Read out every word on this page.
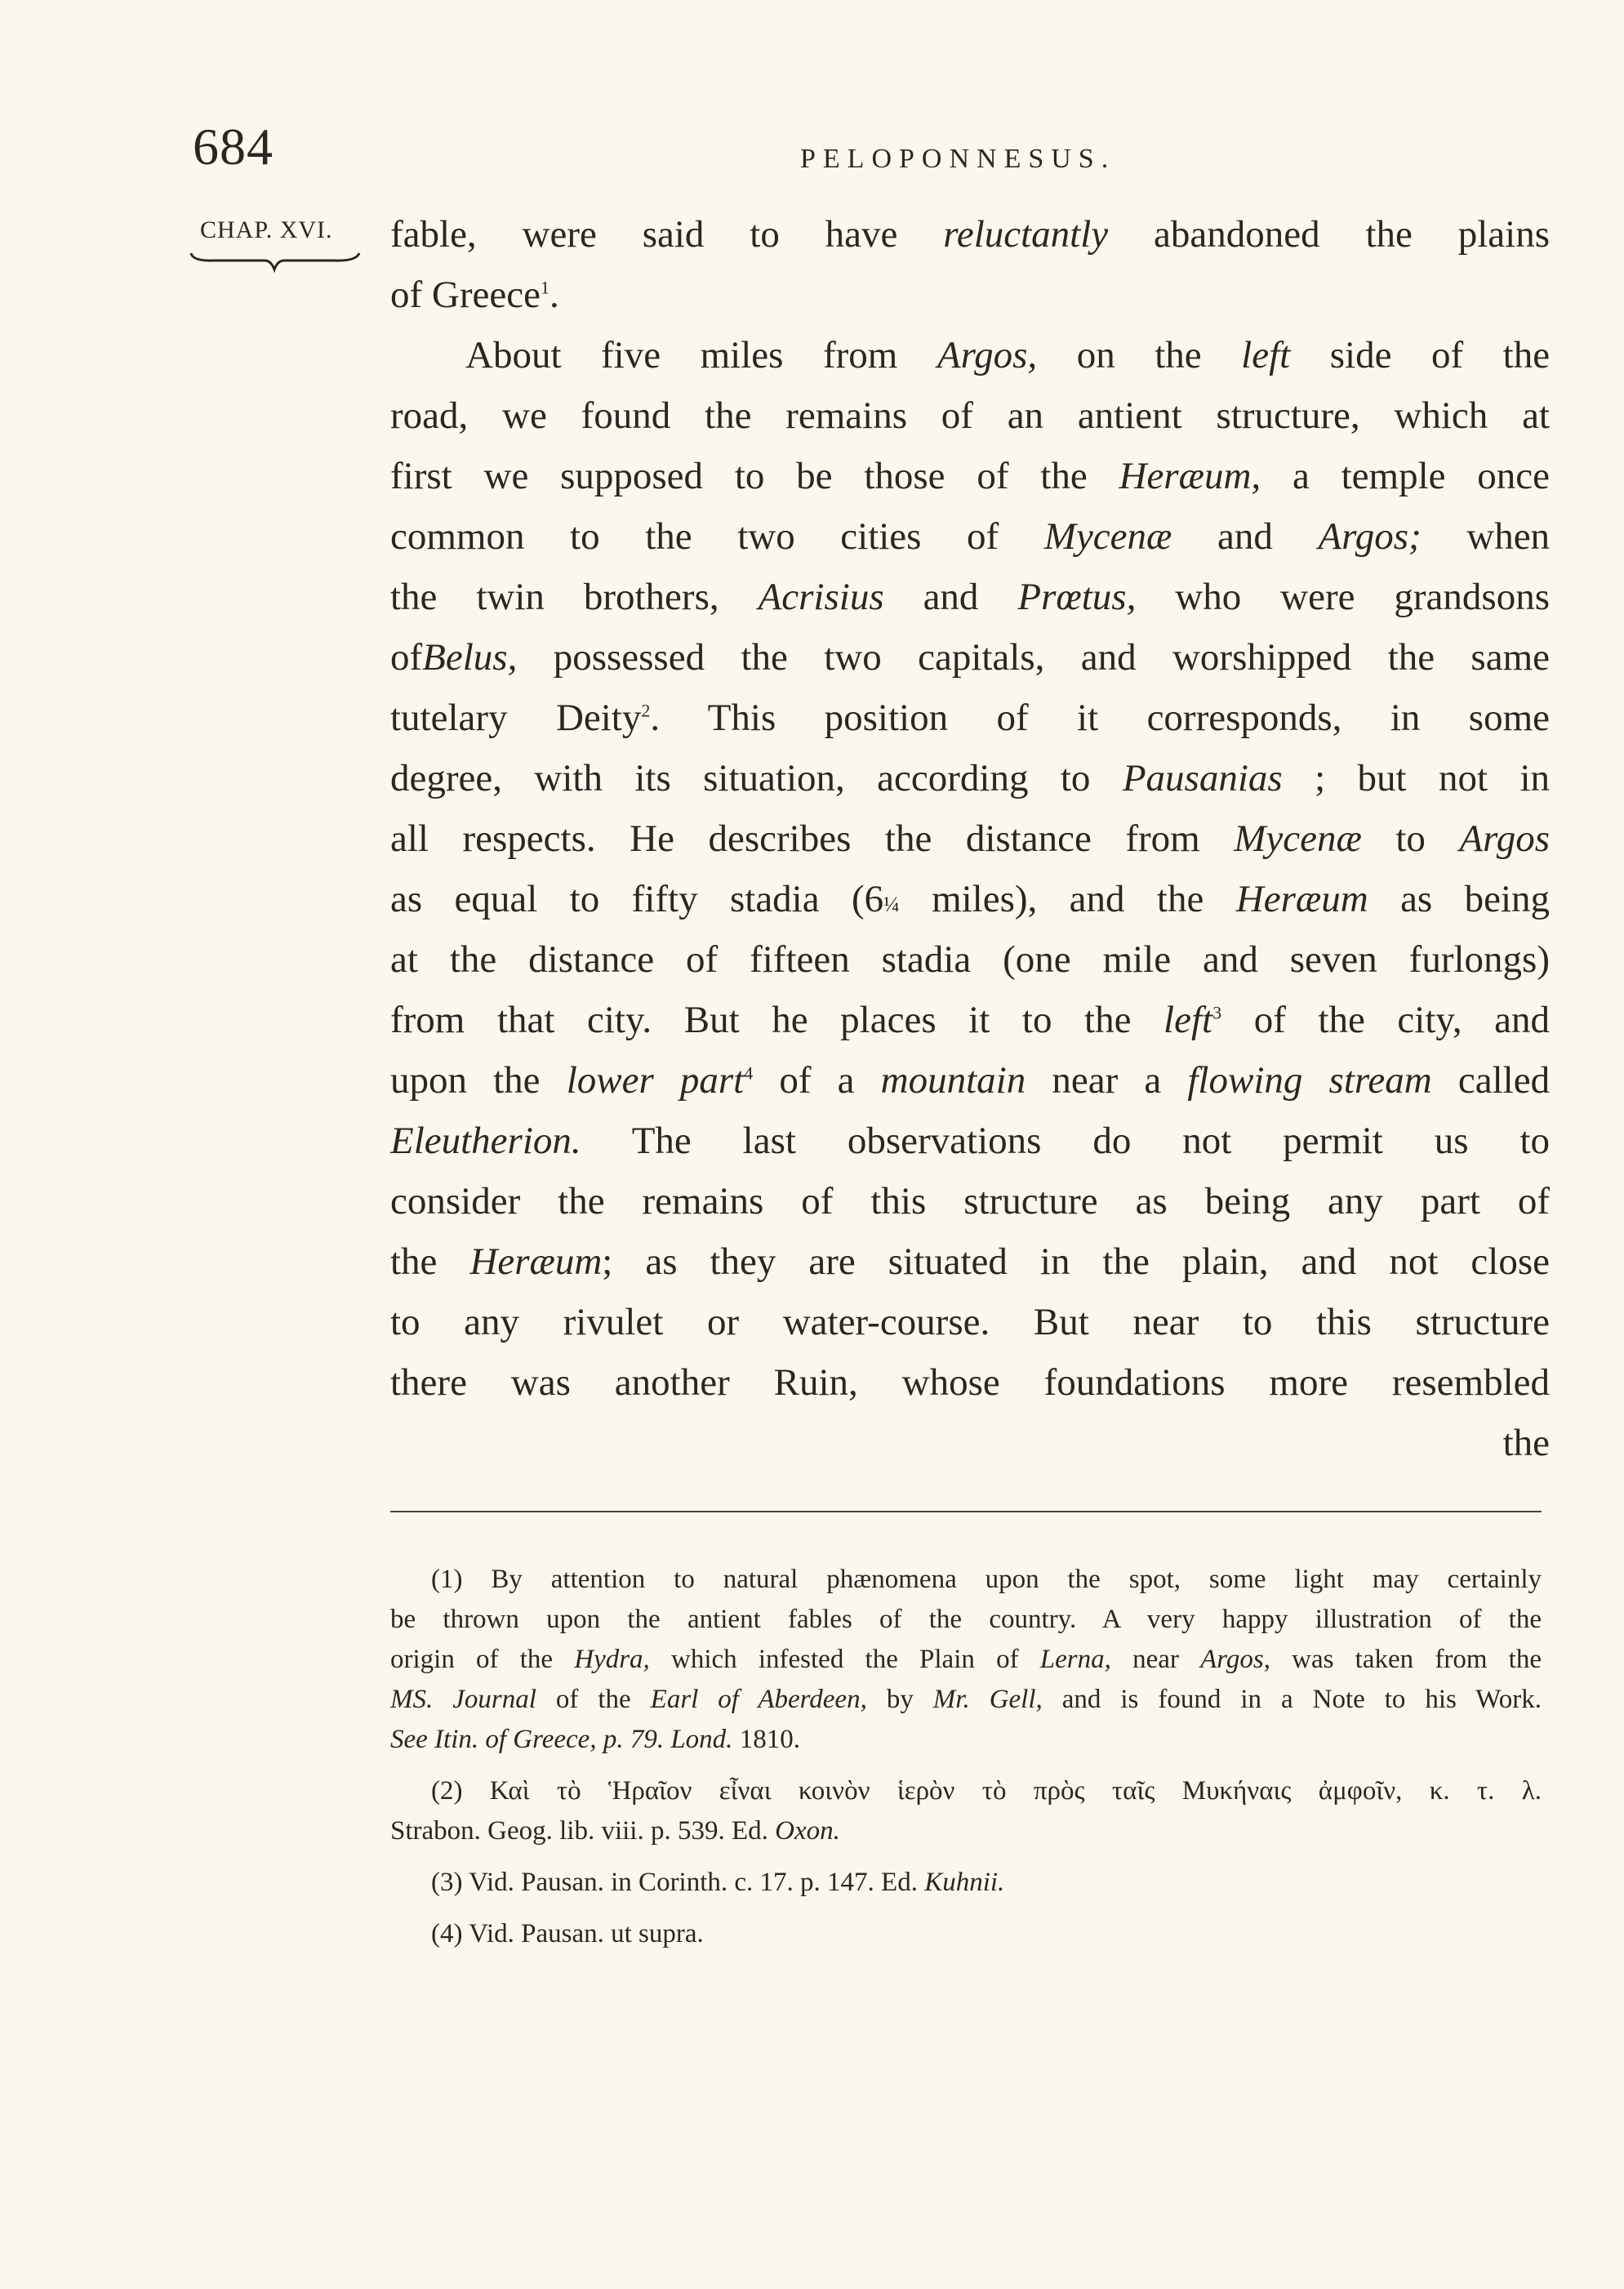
684	PELOPONNESUS.
CHAP. XVI. fable, were said to have reluctantly abandoned the plains
of Greece$^1$.
About five miles from Argos, on the left side of the
road, we found the remains of an antient structure, which at
first we supposed to be those of the Heræum, a temple once
common to the two cities of Mycenæ and Argos; when
the twin brothers, Acrisius and Prœtus, who were grandsons
ofBelus, possessed the two capitals, and worshipped the same
tutelary Deity$^2$. This position of it corresponds, in some
degree, with its situation, according to Pausanias ; but not in
all respects. He describes the distance from Mycenæ to Argos
as equal to fifty stadia (6¼ miles), and the Heræum as being
at the distance of fifteen stadia (one mile and seven furlongs)
from that city. But he places it to the left$^3$ of the city, and
upon the lower part$^4$ of a mountain near a flowing stream called
Eleutherion. The last observations do not permit us to
consider the remains of this structure as being any part of
the Heræum; as they are situated in the plain, and not close
to any rivulet or water-course. But near to this structure
there was another Ruin, whose foundations more resembled
the
(1) By attention to natural phænomena upon the spot, some light may certainly
be thrown upon the antient fables of the country. A very happy illustration of the
origin of the Hydra, which infested the Plain of Lerna, near Argos, was taken from the
MS. Journal of the Earl of Aberdeen, by Mr. Gell, and is found in a Note to his Work.
See Itin. of Greece, p. 79. Lond. 1810.
(2) Καὶ τὸ Ἡραῖον εἶναι κοινὸν ἱερὸν τὸ πρὸς ταῖς Μυκήναις ἀμφοῖν, κ. τ. λ.
Strabon. Geog. lib. viii. p. 539. Ed. Oxon.
(3) Vid. Pausan. in Corinth. c. 17. p. 147. Ed. Kuhnii.
(4) Vid. Pausan. ut supra.
